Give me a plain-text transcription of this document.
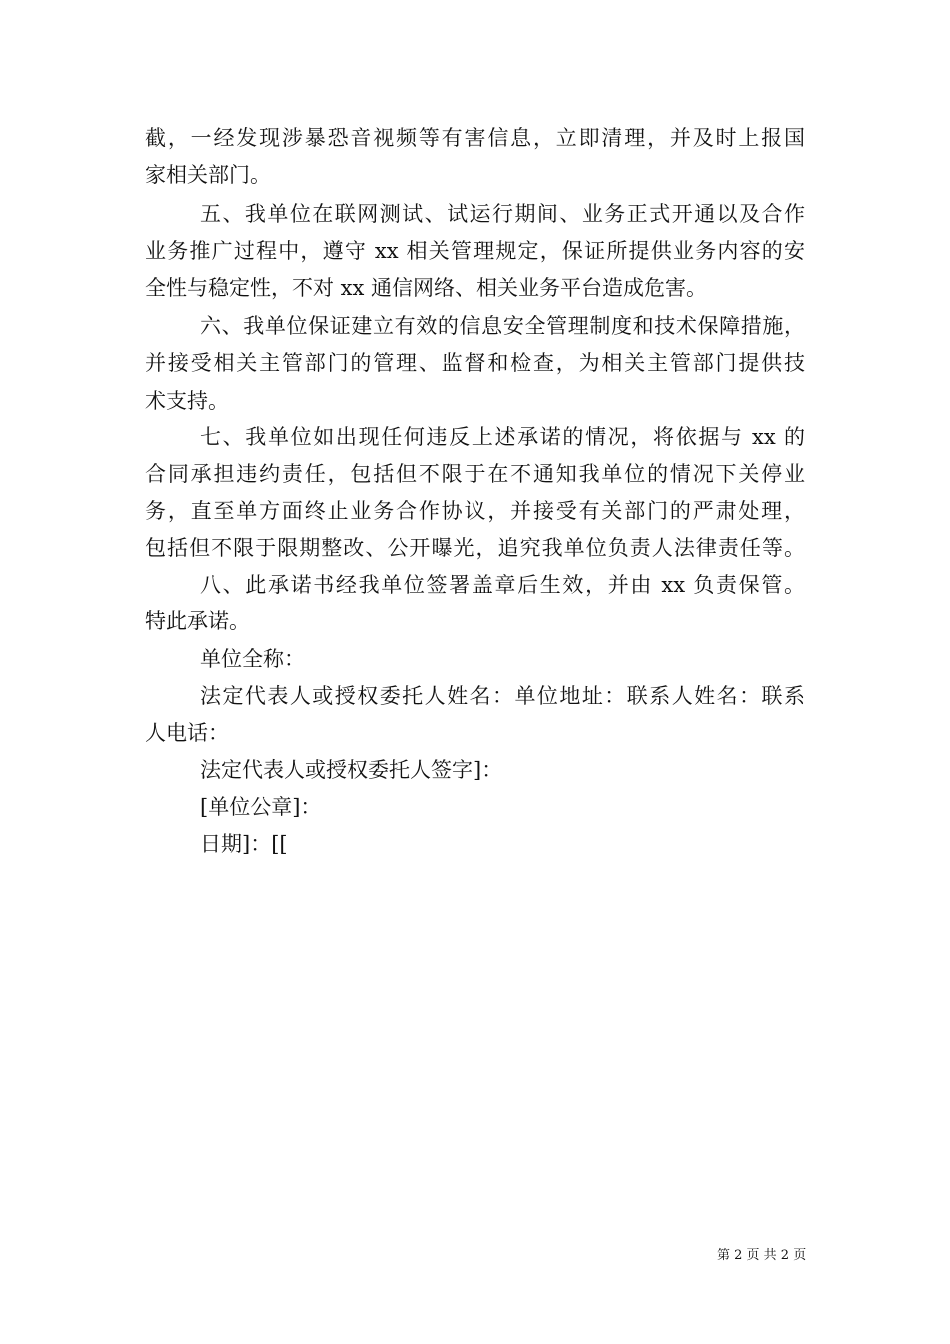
截，一经发现涉暴恐音视频等有害信息，立即清理，并及时上报国
家相关部门。
五、我单位在联网测试、试运行期间、业务正式开通以及合作
业务推广过程中，遵守 xx 相关管理规定，保证所提供业务内容的安
全性与稳定性，不对 xx 通信网络、相关业务平台造成危害。
六、我单位保证建立有效的信息安全管理制度和技术保障措施，
并接受相关主管部门的管理、监督和检查，为相关主管部门提供技
术支持。
七、我单位如出现任何违反上述承诺的情况，将依据与 xx 的
合同承担违约责任，包括但不限于在不通知我单位的情况下关停业
务，直至单方面终止业务合作协议，并接受有关部门的严肃处理，
包括但不限于限期整改、公开曝光，追究我单位负责人法律责任等。
八、此承诺书经我单位签署盖章后生效，并由 xx 负责保管。
特此承诺。
单位全称：
法定代表人或授权委托人姓名：单位地址：联系人姓名：联系
人电话：
法定代表人或授权委托人签字]：
[单位公章]：
日期]：[[
第 2 页 共 2 页
